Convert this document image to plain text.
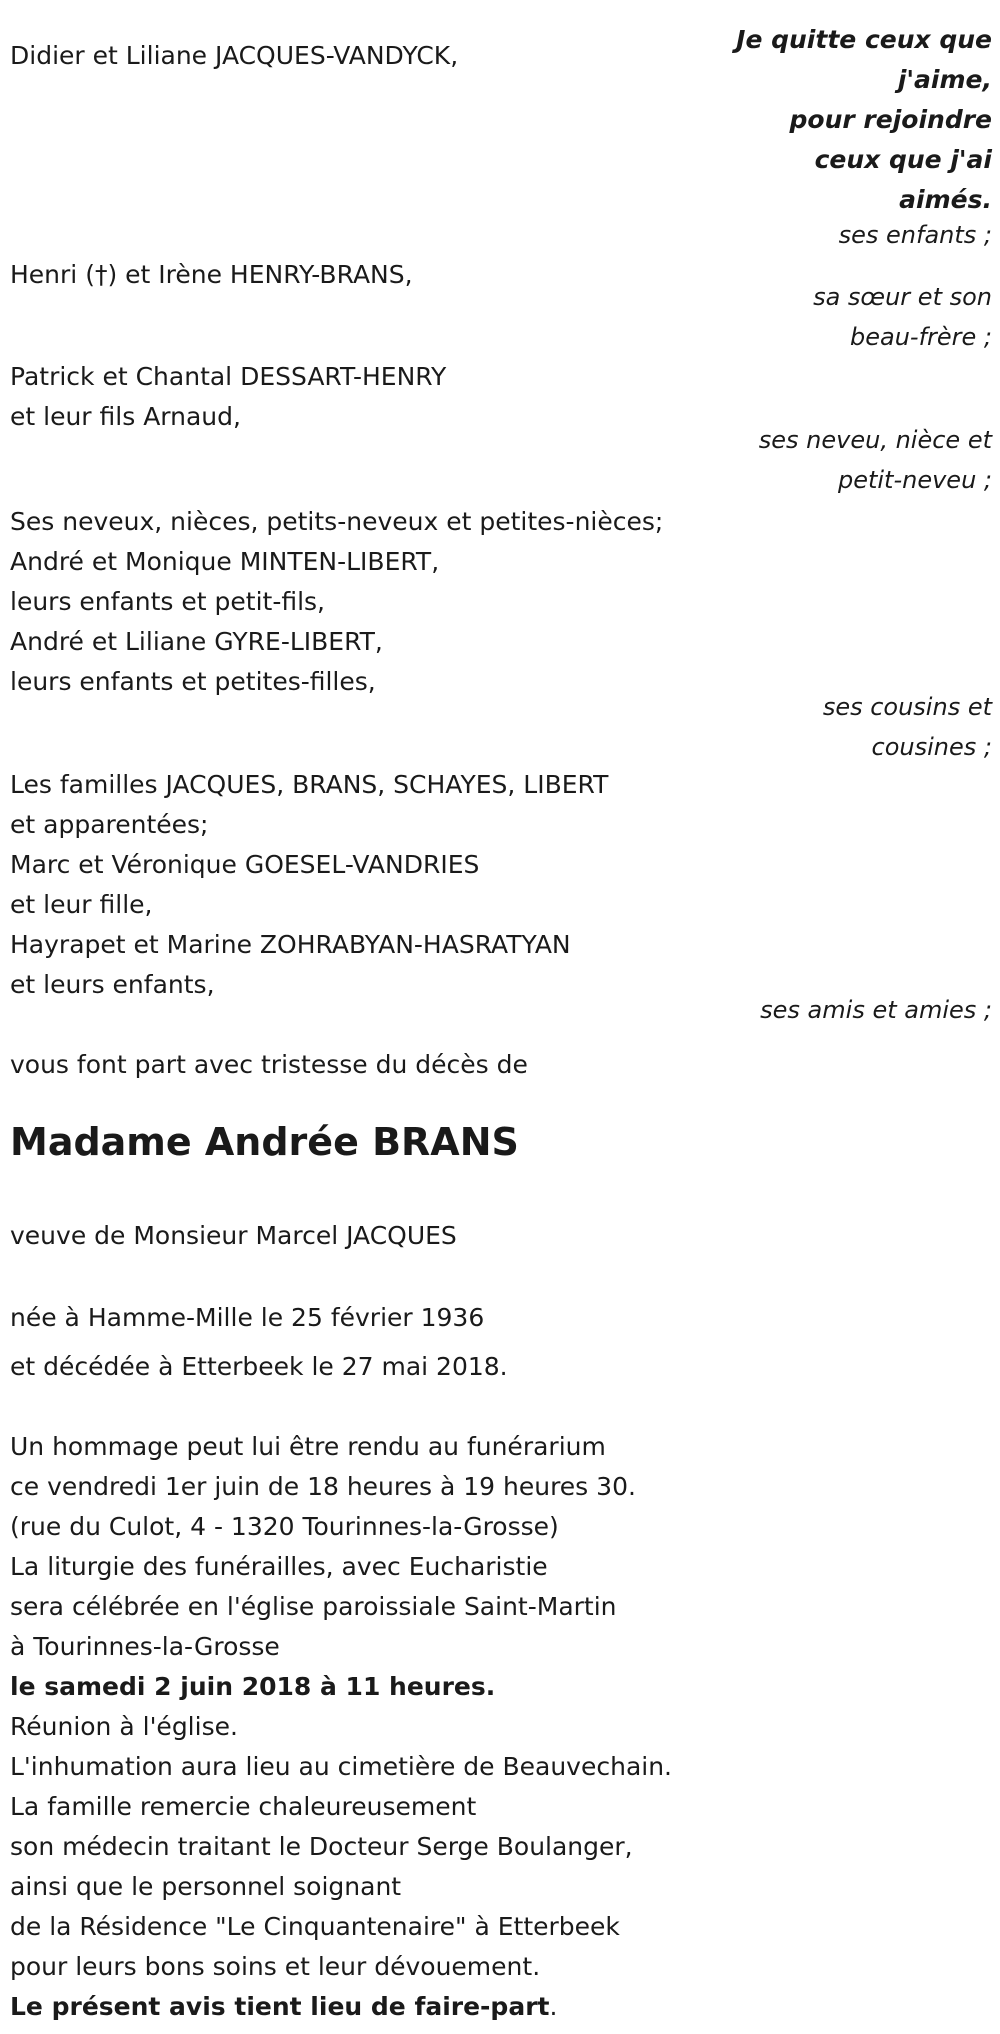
Je quitte ceux que
j'aime,
pour rejoindre
ceux que j'ai
aimés.
ses enfants ;
sa sœur et son
beau-frère ;
ses neveu, nièce et
petit-neveu ;
ses cousins et
cousines ;
ses amis et amies ;

Didier et Liliane JACQUES-VANDYCK,

Henri (†) et Irène HENRY-BRANS,

Patrick et Chantal DESSART-HENRY

et leur fils Arnaud,

Ses neveux, nièces, petits-neveux et petites-nièces;

André et Monique MINTEN-LIBERT,

leurs enfants et petit-fils,

André et Liliane GYRE-LIBERT,

leurs enfants et petites-filles,

Les familles JACQUES, BRANS, SCHAYES, LIBERT

et apparentées;

Marc et Véronique GOESEL-VANDRIES

et leur fille,

Hayrapet et Marine ZOHRABYAN-HASRATYAN

et leurs enfants,

vous font part avec tristesse du décès de

Madame Andrée BRANS

veuve de Monsieur Marcel JACQUES

née à Hamme-Mille le 25 février 1936

et décédée à Etterbeek le 27 mai 2018.

Un hommage peut lui être rendu au funérarium

ce vendredi 1er juin de 18 heures à 19 heures 30.

(rue du Culot, 4 - 1320 Tourinnes-la-Grosse)

La liturgie des funérailles, avec Eucharistie

sera célébrée en l'église paroissiale Saint-Martin

à Tourinnes-la-Grosse

le samedi 2 juin 2018 à 11 heures.

Réunion à l'église.

L'inhumation aura lieu au cimetière de Beauvechain.

La famille remercie chaleureusement

son médecin traitant le Docteur Serge Boulanger,

ainsi que le personnel soignant

de la Résidence "Le Cinquantenaire" à Etterbeek

pour leurs bons soins et leur dévouement.

Le présent avis tient lieu de faire-part.
